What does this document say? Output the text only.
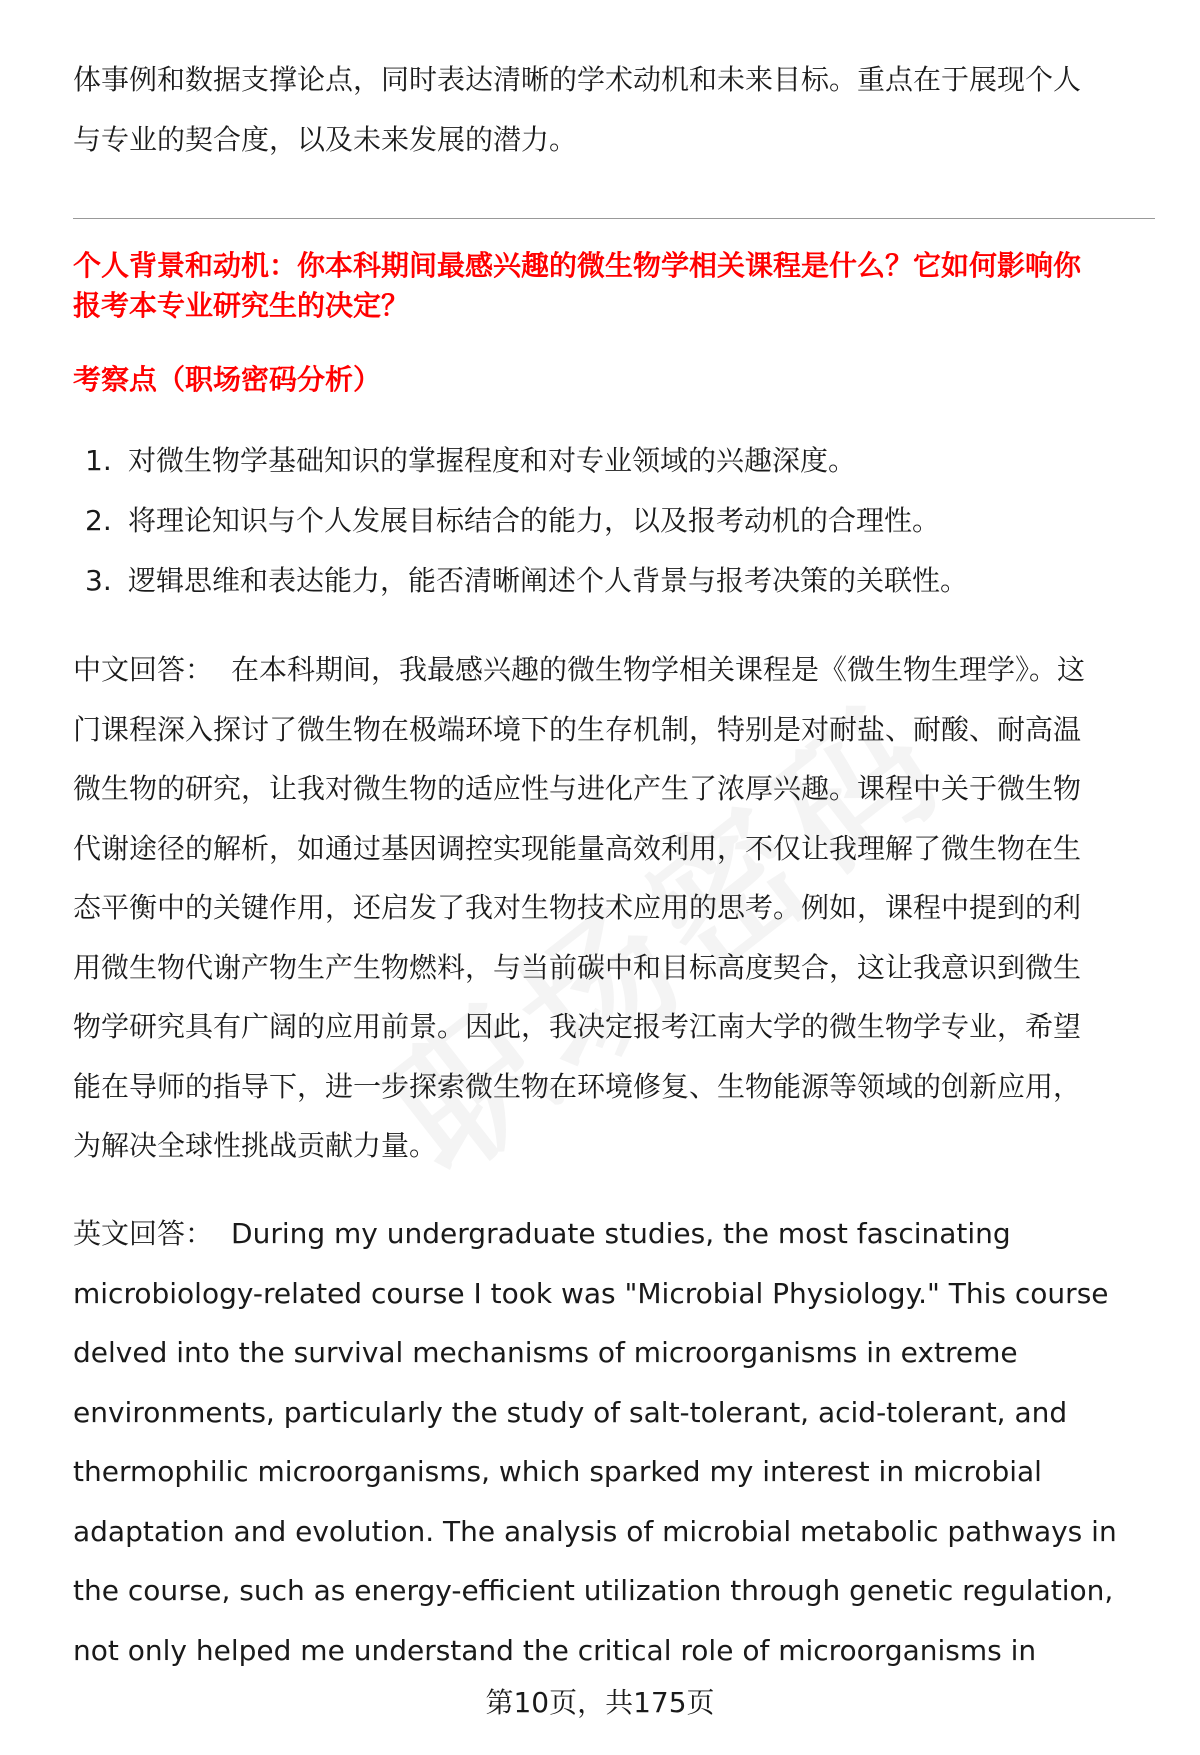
体事例和数据支撑论点，同时表达清晰的学术动机和未来目标。重点在于展现个人
与专业的契合度，以及未来发展的潜力。

个人背景和动机：你本科期间最感兴趣的微生物学相关课程是什么？它如何影响你
报考本专业研究生的决定？
考察点（职场密码分析）
1. 对微生物学基础知识的掌握程度和对专业领域的兴趣深度。
2. 将理论知识与个人发展目标结合的能力，以及报考动机的合理性。
3. 逻辑思维和表达能力，能否清晰阐述个人背景与报考决策的关联性。

中文回答： 在本科期间，我最感兴趣的微生物学相关课程是《微生物生理学》。这
门课程深入探讨了微生物在极端环境下的生存机制，特别是对耐盐、耐酸、耐高温
微生物的研究，让我对微生物的适应性与进化产生了浓厚兴趣。课程中关于微生物
代谢途径的解析，如通过基因调控实现能量高效利用，不仅让我理解了微生物在生
态平衡中的关键作用，还启发了我对生物技术应用的思考。例如，课程中提到的利
用微生物代谢产物生产生物燃料，与当前碳中和目标高度契合，这让我意识到微生
物学研究具有广阔的应用前景。因此，我决定报考江南大学的微生物学专业，希望
能在导师的指导下，进一步探索微生物在环境修复、生物能源等领域的创新应用，
为解决全球性挑战贡献力量。

英文回答： During my undergraduate studies, the most fascinating
microbiology-related course I took was "Microbial Physiology." This course
delved into the survival mechanisms of microorganisms in extreme
environments, particularly the study of salt-tolerant, acid-tolerant, and
thermophilic microorganisms, which sparked my interest in microbial
adaptation and evolution. The analysis of microbial metabolic pathways in
the course, such as energy-efficient utilization through genetic regulation,
not only helped me understand the critical role of microorganisms in

第10页，共175页
